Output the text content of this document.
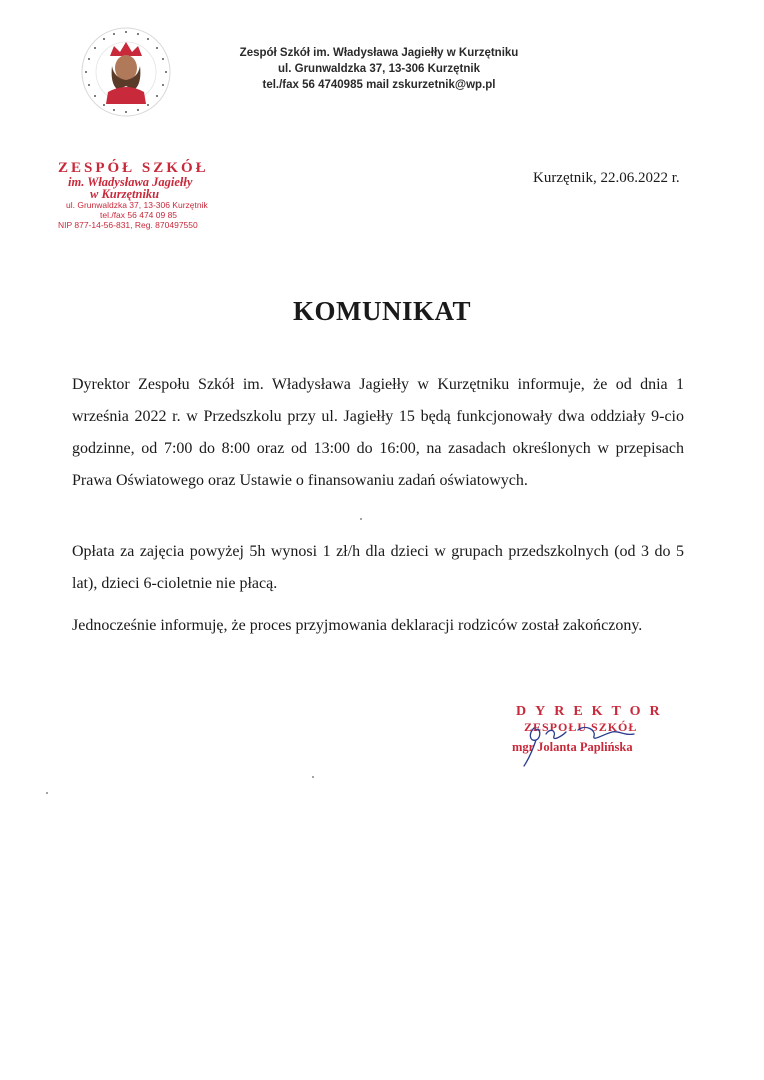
Zespół Szkół im. Władysława Jagiełły w Kurzętniku
ul. Grunwaldzka 37, 13-306 Kurzętnik
tel./fax 56 4740985 mail zskurzetnik@wp.pl
ZESPÓŁ SZKÓŁ
im. Władysława Jagiełły
w Kurzętniku
ul. Grunwaldzka 37, 13-306 Kurzętnik
tel./fax 56 474 09 85
NIP 877-14-56-831, Reg. 870497550
Kurzętnik, 22.06.2022 r.
KOMUNIKAT

Dyrektor Zespołu Szkół im. Władysława Jagiełły w Kurzętniku informuje, że od dnia 1 września 2022 r. w Przedszkolu przy ul. Jagiełły 15 będą funkcjonowały dwa oddziały 9-cio godzinne, od 7:00 do 8:00 oraz od 13:00 do 16:00, na zasadach określonych w przepisach Prawa Oświatowego oraz Ustawie o finansowaniu zadań oświatowych.

Opłata za zajęcia powyżej 5h wynosi 1 zł/h dla dzieci w grupach przedszkolnych (od 3 do 5 lat), dzieci 6-cioletnie nie płacą.

Jednocześnie informuję, że proces przyjmowania deklaracji rodziców został zakończony.

DYREKTOR
ZESPOŁU SZKÓŁ
mgr Jolanta Paplińska
